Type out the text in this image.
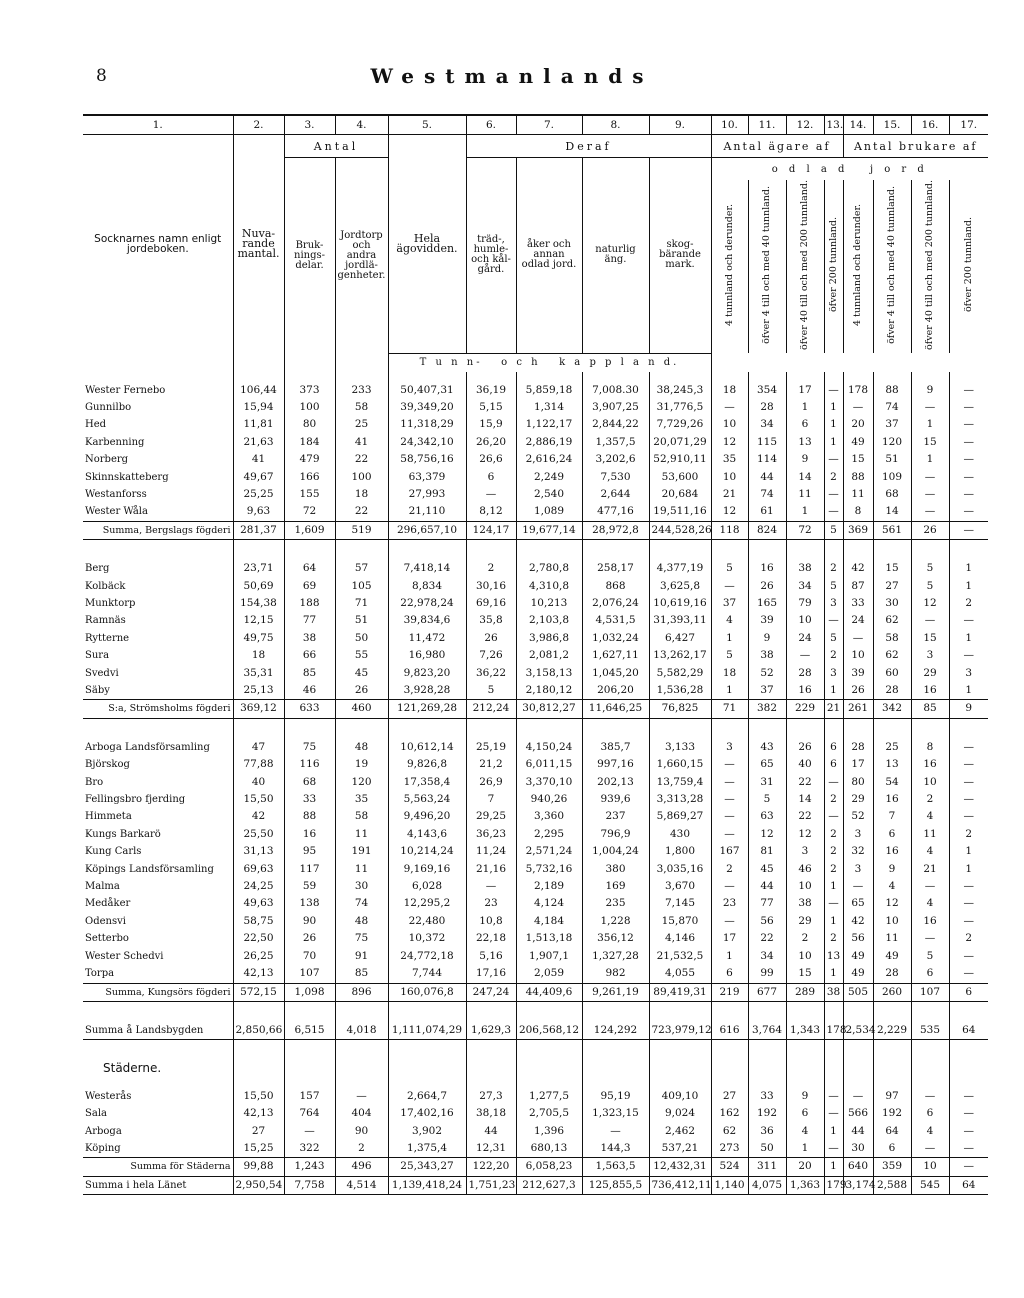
8	Westmanlands
1.	2.	3.	4.	5.	6.	7.	8.	9.	10.	11.	12.	13.	14.	15.	16.	17.
Socknarnes namn enligt jordeboken.	Nuva-rande mantal.	Antal		Hela ägovidden.	Deraf				Antal ägare af				Antal brukare af			
		Bruk-nings-delar.	Jordtorp och andra jordlä-genheter.		träd-, humle- och kål-gård.	åker och annan odlad jord.	naturlig äng.	skog-bärande mark.	o d l a d   j o r d							
									4 tunnland och derunder.	öfver 4 till och med 40 tunnland.	öfver 40 till och med 200 tunnland.	öfver 200 tunnland.	4 tunnland och derunder.	öfver 4 till och med 40 tunnland.	öfver 40 till och med 200 tunnland.	öfver 200 tunnland.
				T u n n-   o c h   k a p p l a n d.												

Wester Fernebo	106,44	373	233	50,407,31	36,19	5,859,18	7,008.30	38,245,3	18	354	17	—	178	88	9	—
Gunnilbo	15,94	100	58	39,349,20	5,15	1,314	3,907,25	31,776,5	—	28	1	1	—	74	—	—
Hed	11,81	80	25	11,318,29	15,9	1,122,17	2,844,22	7,729,26	10	34	6	1	20	37	1	—
Karbenning	21,63	184	41	24,342,10	26,20	2,886,19	1,357,5	20,071,29	12	115	13	1	49	120	15	—
Norberg	41	479	22	58,756,16	26,6	2,616,24	3,202,6	52,910,11	35	114	9	—	15	51	1	—
Skinnskatteberg	49,67	166	100	63,379	6	2,249	7,530	53,600	10	44	14	2	88	109	—	—
Westanforss	25,25	155	18	27,993	—	2,540	2,644	20,684	21	74	11	—	11	68	—	—
Wester Wåla	9,63	72	22	21,110	8,12	1,089	477,16	19,511,16	12	61	1	—	8	14	—	—
Summa, Bergslags fögderi	281,37	1,609	519	296,657,10	124,17	19,677,14	28,972,8	244,528,26	118	824	72	5	369	561	26	—

Berg	23,71	64	57	7,418,14	2	2,780,8	258,17	4,377,19	5	16	38	2	42	15	5	1
Kolbäck	50,69	69	105	8,834	30,16	4,310,8	868	3,625,8	—	26	34	5	87	27	5	1
Munktorp	154,38	188	71	22,978,24	69,16	10,213	2,076,24	10,619,16	37	165	79	3	33	30	12	2
Ramnäs	12,15	77	51	39,834,6	35,8	2,103,8	4,531,5	31,393,11	4	39	10	—	24	62	—	—
Rytterne	49,75	38	50	11,472	26	3,986,8	1,032,24	6,427	1	9	24	5	—	58	15	1
Sura	18	66	55	16,980	7,26	2,081,2	1,627,11	13,262,17	5	38	—	2	10	62	3	—
Svedvi	35,31	85	45	9,823,20	36,22	3,158,13	1,045,20	5,582,29	18	52	28	3	39	60	29	3
Säby	25,13	46	26	3,928,28	5	2,180,12	206,20	1,536,28	1	37	16	1	26	28	16	1
S:a, Strömsholms fögderi	369,12	633	460	121,269,28	212,24	30,812,27	11,646,25	76,825	71	382	229	21	261	342	85	9

Arboga Landsförsamling	47	75	48	10,612,14	25,19	4,150,24	385,7	3,133	3	43	26	6	28	25	8	—
Björskog	77,88	116	19	9,826,8	21,2	6,011,15	997,16	1,660,15	—	65	40	6	17	13	16	—
Bro	40	68	120	17,358,4	26,9	3,370,10	202,13	13,759,4	—	31	22	—	80	54	10	—
Fellingsbro fjerding	15,50	33	35	5,563,24	7	940,26	939,6	3,313,28	—	5	14	2	29	16	2	—
Himmeta	42	88	58	9,496,20	29,25	3,360	237	5,869,27	—	63	22	—	52	7	4	—
Kungs Barkarö	25,50	16	11	4,143,6	36,23	2,295	796,9	430	—	12	12	2	3	6	11	2
Kung Carls	31,13	95	191	10,214,24	11,24	2,571,24	1,004,24	1,800	167	81	3	2	32	16	4	1
Köpings Landsförsamling	69,63	117	11	9,169,16	21,16	5,732,16	380	3,035,16	2	45	46	2	3	9	21	1
Malma	24,25	59	30	6,028	—	2,189	169	3,670	—	44	10	1	—	4	—	—
Medåker	49,63	138	74	12,295,2	23	4,124	235	7,145	23	77	38	—	65	12	4	—
Odensvi	58,75	90	48	22,480	10,8	4,184	1,228	15,870	—	56	29	1	42	10	16	—
Setterbo	22,50	26	75	10,372	22,18	1,513,18	356,12	4,146	17	22	2	2	56	11	—	2
Wester Schedvi	26,25	70	91	24,772,18	5,16	1,907,1	1,327,28	21,532,5	1	34	10	13	49	49	5	—
Torpa	42,13	107	85	7,744	17,16	2,059	982	4,055	6	99	15	1	49	28	6	—
Summa, Kungsörs fögderi	572,15	1,098	896	160,076,8	247,24	44,409,6	9,261,19	89,419,31	219	677	289	38	505	260	107	6

Summa å Landsbygden	2,850,66	6,515	4,018	1,111,074,29	1,629,3	206,568,12	124,292	723,979,12	616	3,764	1,343	178	2,534	2,229	535	64

Städerne.																

Westerås	15,50	157	—	2,664,7	27,3	1,277,5	95,19	409,10	27	33	9	—	—	97	—	—
Sala	42,13	764	404	17,402,16	38,18	2,705,5	1,323,15	9,024	162	192	6	—	566	192	6	—
Arboga	27	—	90	3,902	44	1,396	—	2,462	62	36	4	1	44	64	4	—
Köping	15,25	322	2	1,375,4	12,31	680,13	144,3	537,21	273	50	1	—	30	6	—	—
Summa för Städerna	99,88	1,243	496	25,343,27	122,20	6,058,23	1,563,5	12,432,31	524	311	20	1	640	359	10	—
Summa i hela Länet	2,950,54	7,758	4,514	1,139,418,24	1,751,23	212,627,3	125,855,5	736,412,11	1,140	4,075	1,363	179	3,174	2,588	545	64
